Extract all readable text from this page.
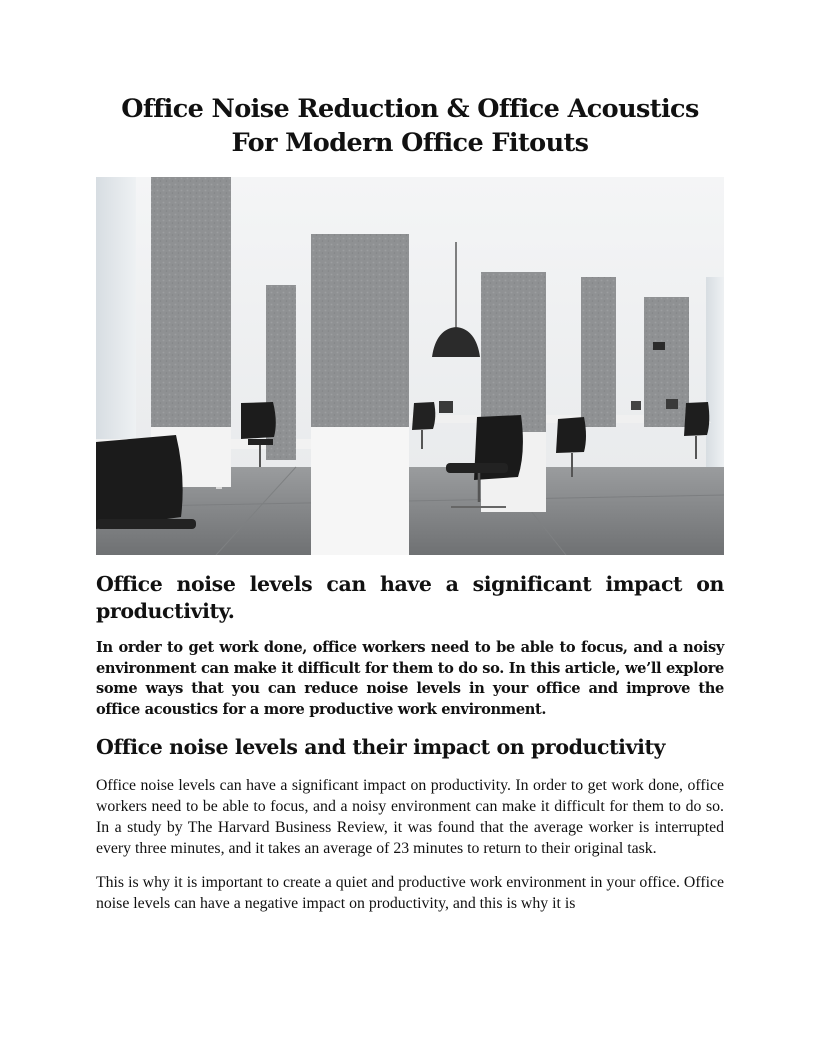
Office Noise Reduction & Office Acoustics
For Modern Office Fitouts
Office noise levels can have a significant impact on productivity.

In order to get work done, office workers need to be able to focus, and a noisy environment can make it difficult for them to do so. In this article, we’ll explore some ways that you can reduce noise levels in your office and improve the office acoustics for a more productive work environment.

Office noise levels and their impact on productivity

Office noise levels can have a significant impact on productivity. In order to get work done, office workers need to be able to focus, and a noisy environment can make it difficult for them to do so. In a study by The Harvard Business Review, it was found that the average worker is interrupted every three minutes, and it takes an average of 23 minutes to return to their original task.

This is why it is important to create a quiet and productive work environment in your office. Office noise levels can have a negative impact on productivity, and this is why it is
